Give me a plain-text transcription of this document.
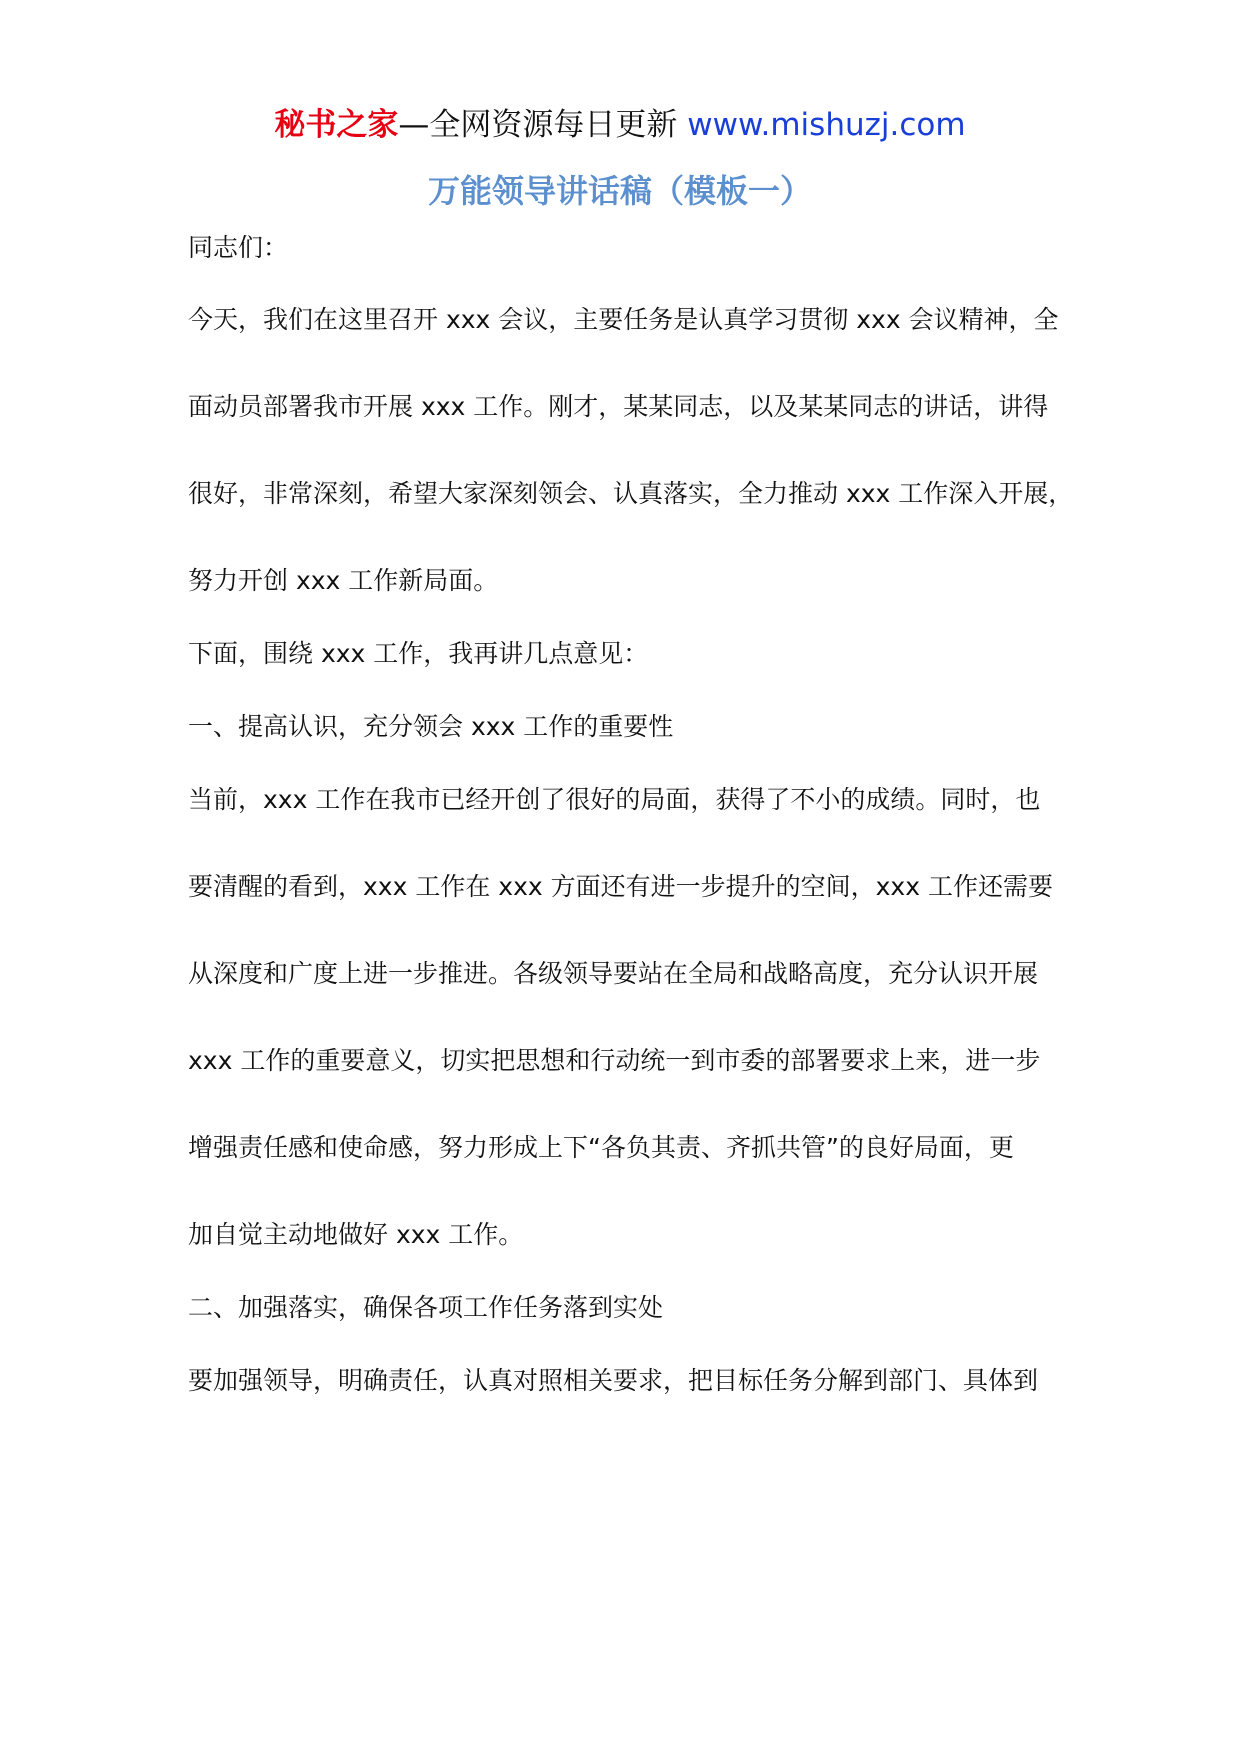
秘书之家—全网资源每日更新 www.mishuzj.com
万能领导讲话稿（模板一）
同志们：
今天，我们在这里召开 xxx 会议，主要任务是认真学习贯彻 xxx 会议精神，全
面动员部署我市开展 xxx 工作。刚才，某某同志，以及某某同志的讲话，讲得
很好，非常深刻，希望大家深刻领会、认真落实，全力推动 xxx 工作深入开展，
努力开创 xxx 工作新局面。
下面，围绕 xxx 工作，我再讲几点意见：
一、提高认识，充分领会 xxx 工作的重要性
当前，xxx 工作在我市已经开创了很好的局面，获得了不小的成绩。同时，也
要清醒的看到，xxx 工作在 xxx 方面还有进一步提升的空间，xxx 工作还需要
从深度和广度上进一步推进。各级领导要站在全局和战略高度，充分认识开展
xxx 工作的重要意义，切实把思想和行动统一到市委的部署要求上来，进一步
增强责任感和使命感，努力形成上下“各负其责、齐抓共管”的良好局面，更
加自觉主动地做好 xxx 工作。
二、加强落实，确保各项工作任务落到实处
要加强领导，明确责任，认真对照相关要求，把目标任务分解到部门、具体到
